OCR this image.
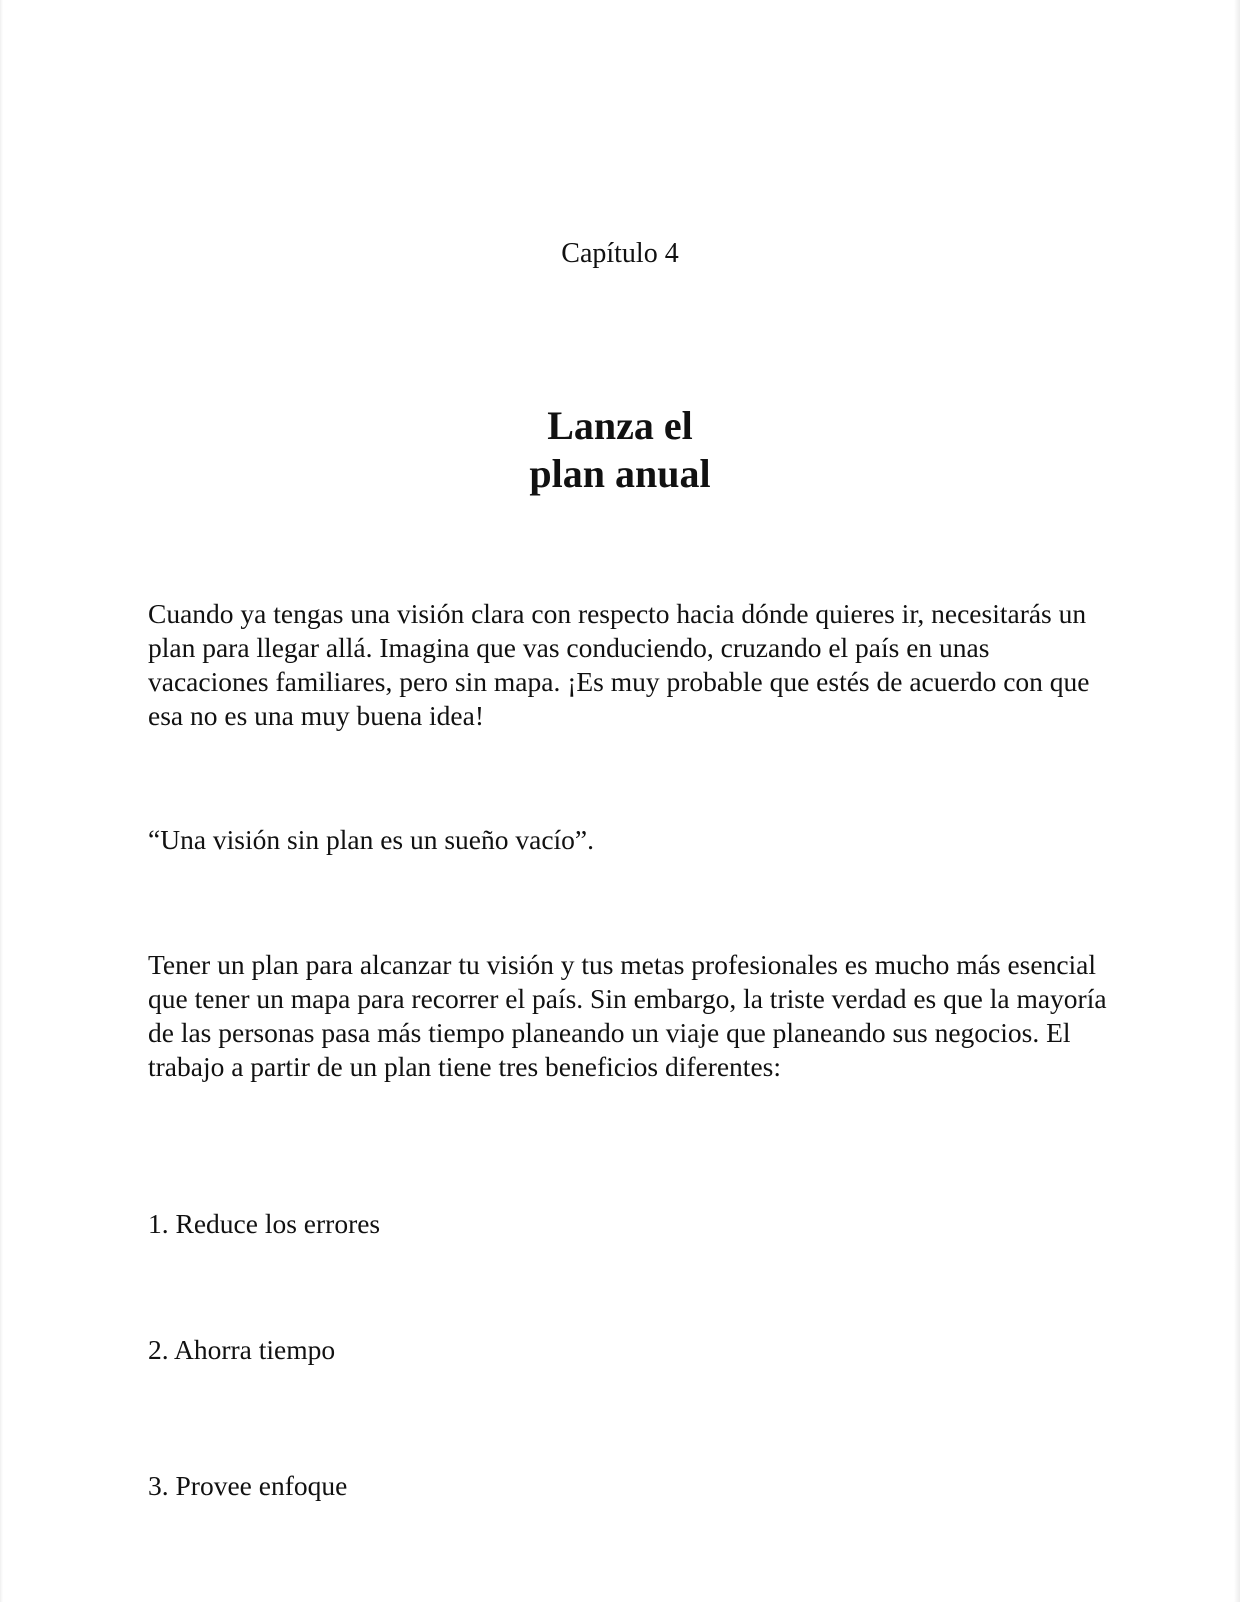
Capítulo 4
Lanza el
plan anual

Cuando ya tengas una visión clara con respecto hacia dónde quieres ir, necesitarás un plan para llegar allá. Imagina que vas conduciendo, cruzando el país en unas vacaciones familiares, pero sin mapa. ¡Es muy probable que estés de acuerdo con que esa no es una muy buena idea!

“Una visión sin plan es un sueño vacío”.

Tener un plan para alcanzar tu visión y tus metas profesionales es mucho más esencial que tener un mapa para recorrer el país. Sin embargo, la triste verdad es que la mayoría de las personas pasa más tiempo planeando un viaje que planeando sus negocios. El trabajo a partir de un plan tiene tres beneficios diferentes:

1. Reduce los errores

2. Ahorra tiempo

3. Provee enfoque
